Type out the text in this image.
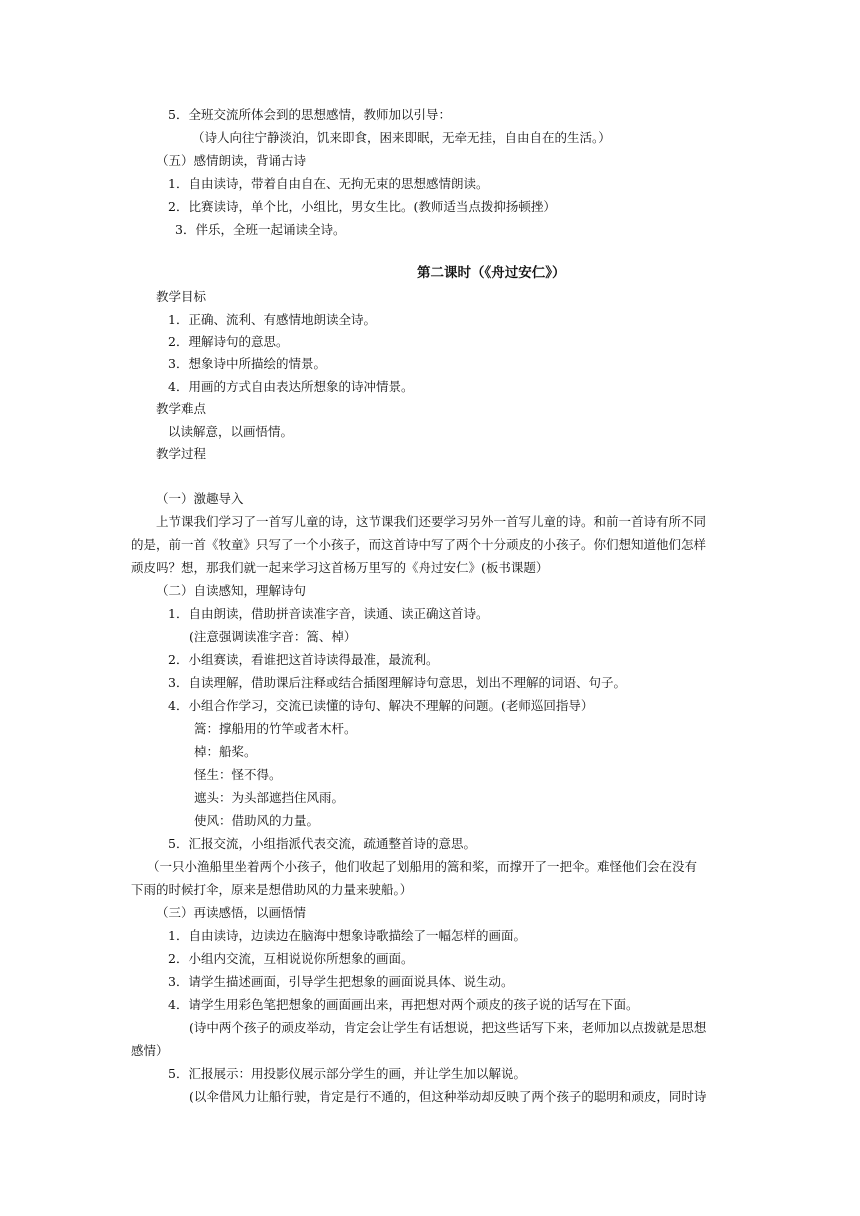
5．全班交流所体会到的思想感情，教师加以引导：
（诗人向往宁静淡泊，饥来即食，困来即眠，无牵无挂，自由自在的生活。）
（五）感情朗读，背诵古诗
1．自由读诗，带着自由自在、无拘无束的思想感情朗读。
2．比赛读诗，单个比，小组比，男女生比。(教师适当点拨抑扬顿挫）
3．伴乐，全班一起诵读全诗。
第二课时（《舟过安仁》）
教学目标
1．正确、流利、有感情地朗读全诗。
2．理解诗句的意思。
3．想象诗中所描绘的情景。
4．用画的方式自由表达所想象的诗冲情景。
教学难点
以读解意，以画悟情。
教学过程
（一）激趣导入
上节课我们学习了一首写儿童的诗，这节课我们还要学习另外一首写儿童的诗。和前一首诗有所不同
的是，前一首《牧童》只写了一个小孩子，而这首诗中写了两个十分顽皮的小孩子。你们想知道他们怎样
顽皮吗？想，那我们就一起来学习这首杨万里写的《舟过安仁》(板书课题）
（二）自读感知，理解诗句
1．自由朗读，借助拼音读准字音，读通、读正确这首诗。
(注意强调读准字音：篙、棹）
2．小组赛读，看谁把这首诗读得最准，最流利。
3．自读理解，借助课后注释或结合插图理解诗句意思，划出不理解的词语、句子。
4．小组合作学习，交流已读懂的诗句、解决不理解的问题。(老师巡回指导）
篙：撑船用的竹竿或者木杆。
棹：船桨。
怪生：怪不得。
遮头：为头部遮挡住风雨。
使风：借助风的力量。
5．汇报交流，小组指派代表交流，疏通整首诗的意思。
（一只小渔船里坐着两个小孩子，他们收起了划船用的篙和桨，而撑开了一把伞。难怪他们会在没有
下雨的时候打伞，原来是想借助风的力量来驶船。）
（三）再读感悟，以画悟情
1．自由读诗，边读边在脑海中想象诗歌描绘了一幅怎样的画面。
2．小组内交流，互相说说你所想象的画面。
3．请学生描述画面，引导学生把想象的画面说具体、说生动。
4．请学生用彩色笔把想象的画面画出来，再把想对两个顽皮的孩子说的话写在下面。
(诗中两个孩子的顽皮举动，肯定会让学生有话想说，把这些话写下来，老师加以点拨就是思想
感情）
5．汇报展示：用投影仪展示部分学生的画，并让学生加以解说。
(以伞借风力让船行驶，肯定是行不通的，但这种举动却反映了两个孩子的聪明和顽皮，同时诗
